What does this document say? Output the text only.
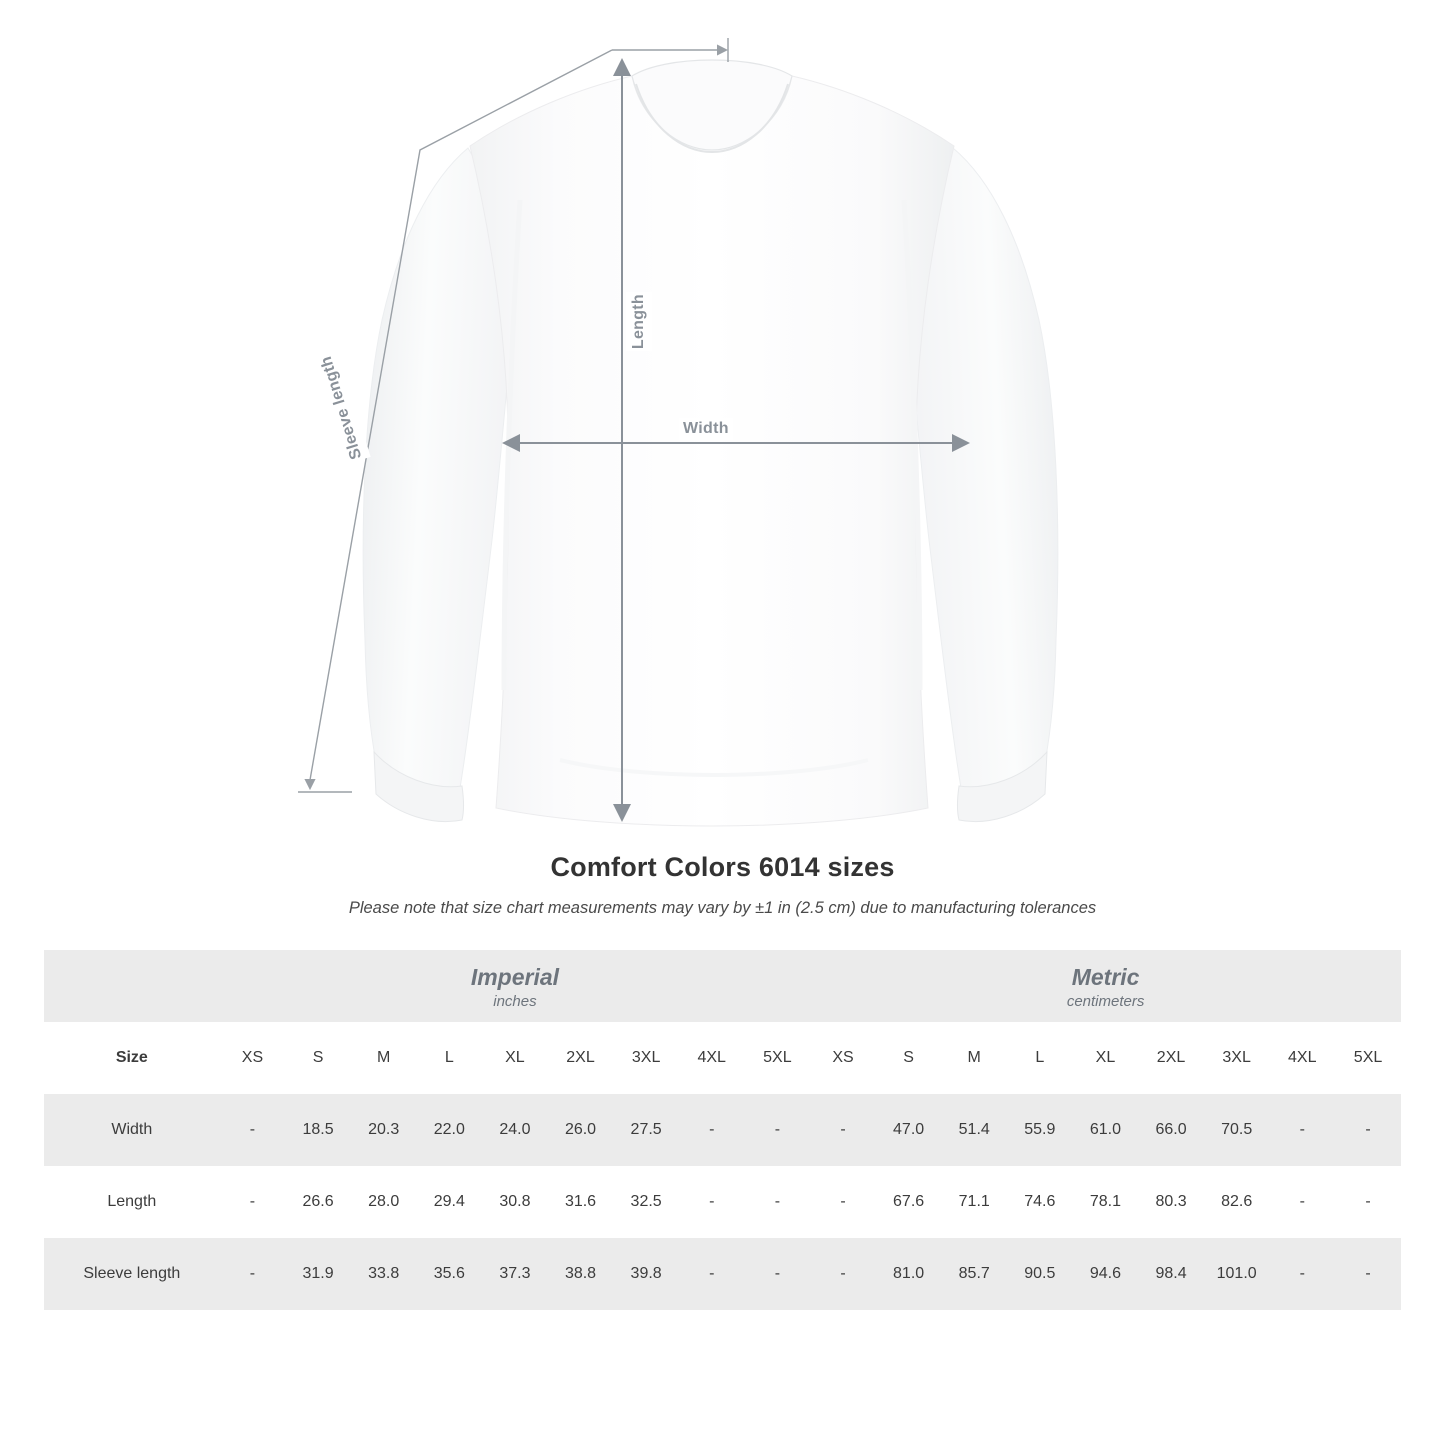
Length
Width
Sleeve length
Comfort Colors 6014 sizes
Please note that size chart measurements may vary by ±1 in (2.5 cm) due to manufacturing tolerances

Imperial
inches

Metric
centimeters

Size	XS	S	M	L	XL	2XL	3XL	4XL	5XL	XS	S	M	L	XL	2XL	3XL	4XL	5XL
Width	-	18.5	20.3	22.0	24.0	26.0	27.5	-	-	-	47.0	51.4	55.9	61.0	66.0	70.5	-	-
Length	-	26.6	28.0	29.4	30.8	31.6	32.5	-	-	-	67.6	71.1	74.6	78.1	80.3	82.6	-	-
Sleeve length	-	31.9	33.8	35.6	37.3	38.8	39.8	-	-	-	81.0	85.7	90.5	94.6	98.4	101.0	-	-
